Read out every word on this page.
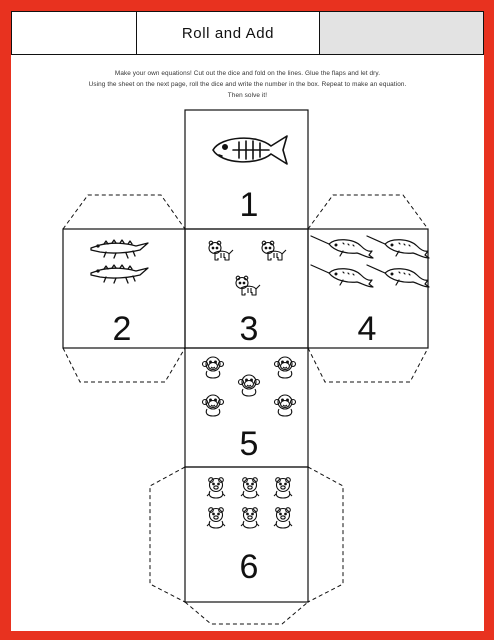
Roll and Add
Make your own equations! Cut out the dice and fold on the lines. Glue the flaps and let dry.
Using the sheet on the next page, roll the dice and write the number in the box. Repeat to make an equation.
Then solve it!
1
2	3	4
5
6
